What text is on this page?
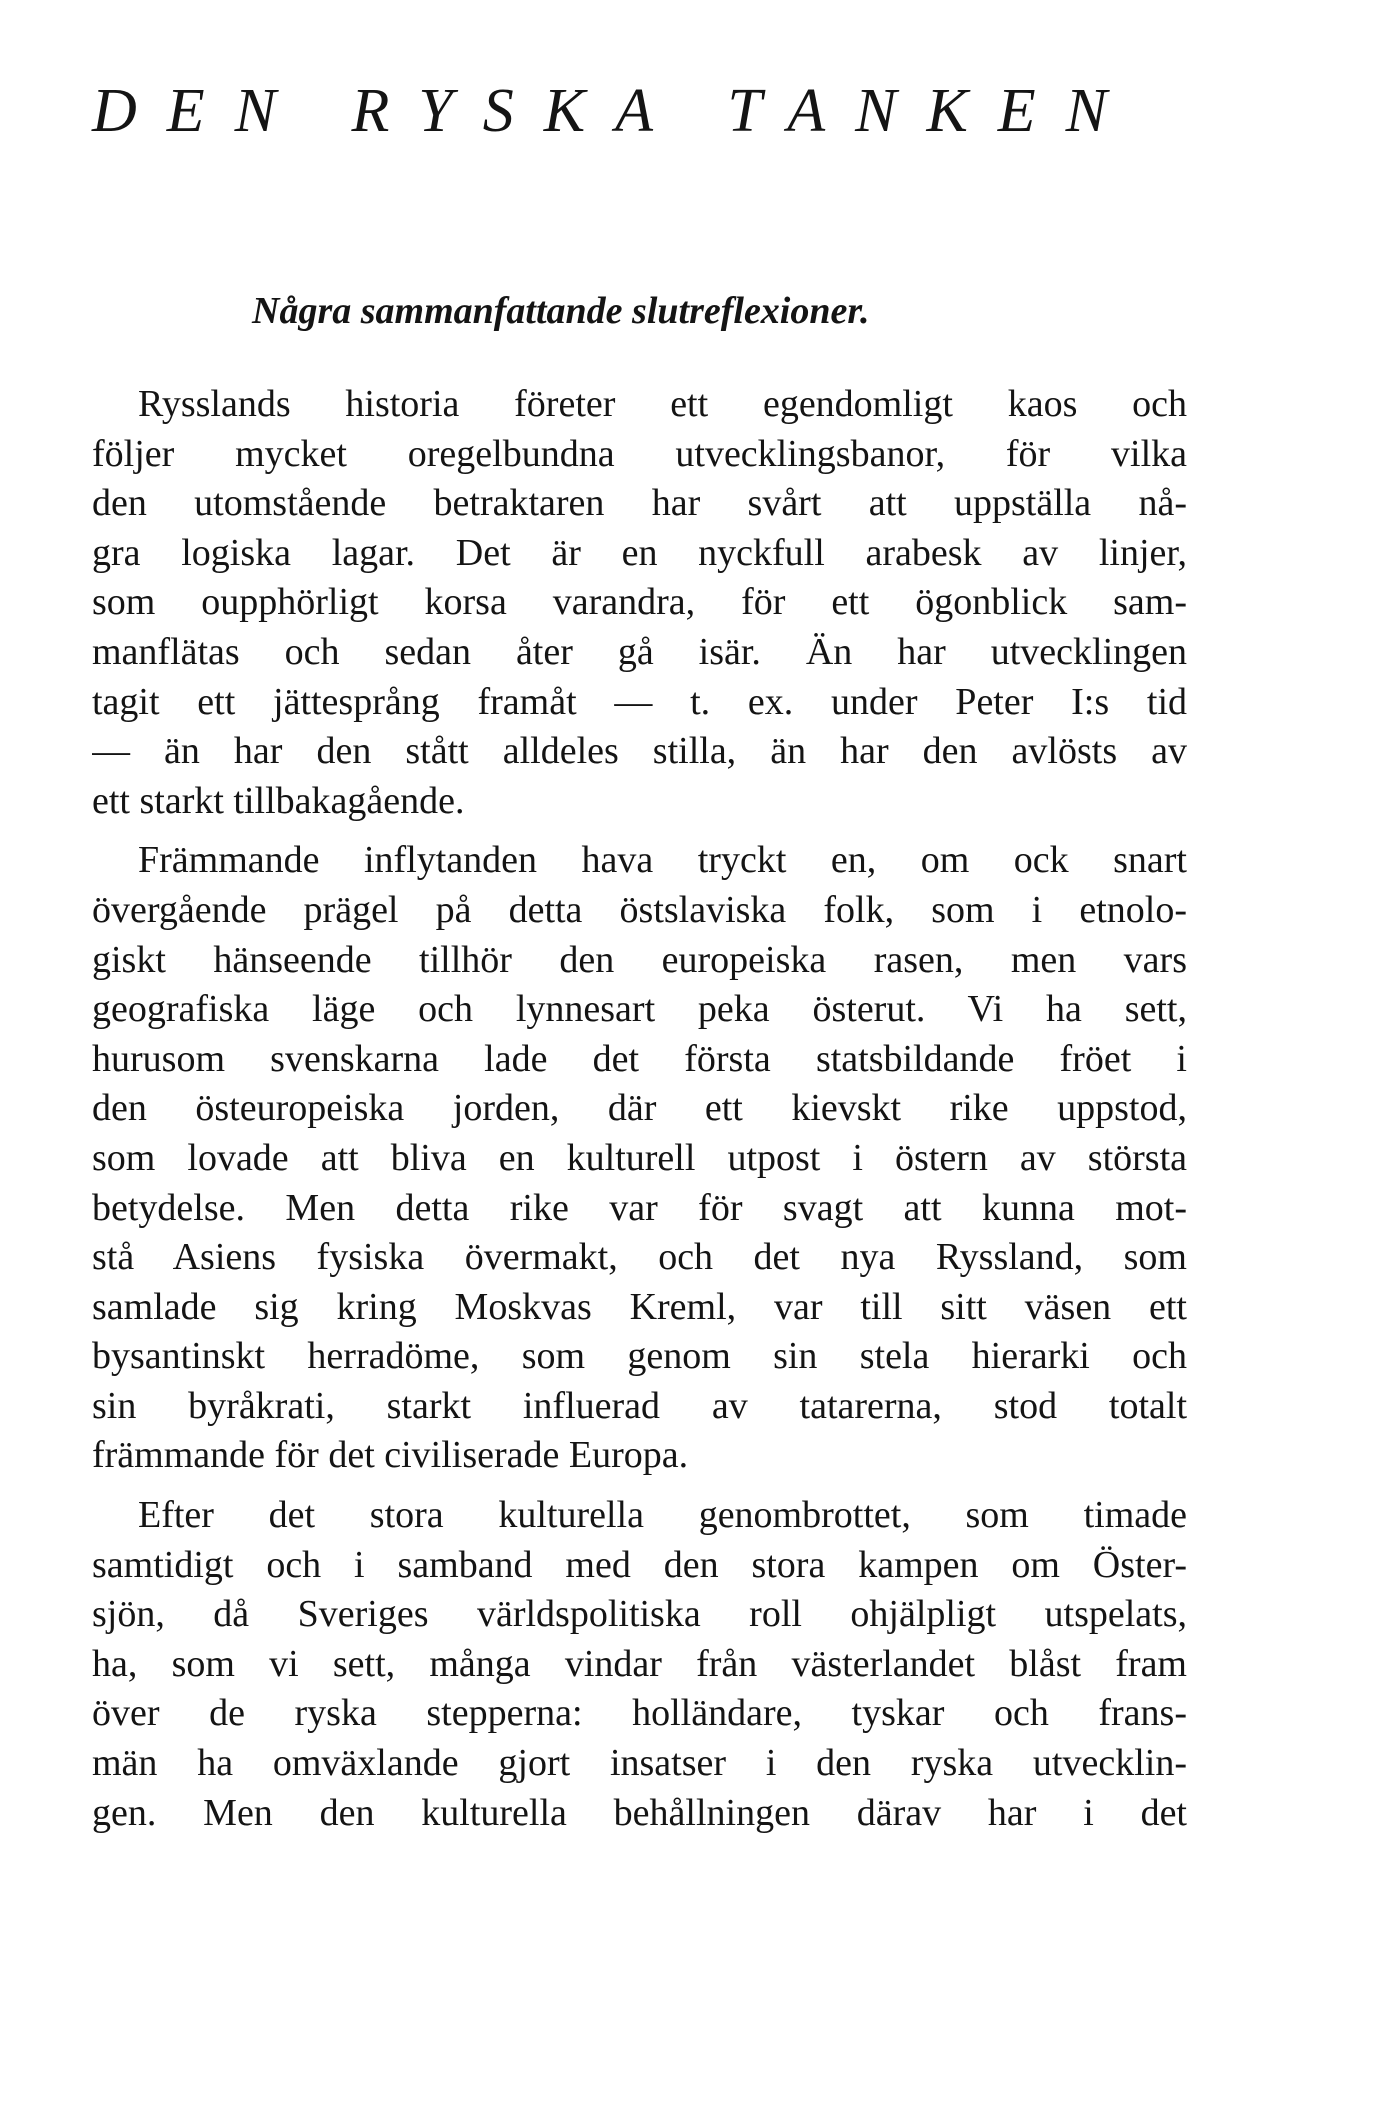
DEN RYSKA TANKEN
Några sammanfattande slutreflexioner.
Rysslands historia företer ett egendomligt kaos och
följer mycket oregelbundna utvecklingsbanor, för vilka
den utomstående betraktaren har svårt att uppställa nå-
gra logiska lagar. Det är en nyckfull arabesk av linjer,
som oupphörligt korsa varandra, för ett ögonblick sam-
manflätas och sedan åter gå isär. Än har utvecklingen
tagit ett jättesprång framåt — t. ex. under Peter I:s tid
— än har den stått alldeles stilla, än har den avlösts av
ett starkt tillbakagående.
Främmande inflytanden hava tryckt en, om ock snart
övergående prägel på detta östslaviska folk, som i etnolo-
giskt hänseende tillhör den europeiska rasen, men vars
geografiska läge och lynnesart peka österut. Vi ha sett,
hurusom svenskarna lade det första statsbildande fröet i
den östeuropeiska jorden, där ett kievskt rike uppstod,
som lovade att bliva en kulturell utpost i östern av största
betydelse. Men detta rike var för svagt att kunna mot-
stå Asiens fysiska övermakt, och det nya Ryssland, som
samlade sig kring Moskvas Kreml, var till sitt väsen ett
bysantinskt herradöme, som genom sin stela hierarki och
sin byråkrati, starkt influerad av tatarerna, stod totalt
främmande för det civiliserade Europa.
Efter det stora kulturella genombrottet, som timade
samtidigt och i samband med den stora kampen om Öster-
sjön, då Sveriges världspolitiska roll ohjälpligt utspelats,
ha, som vi sett, många vindar från västerlandet blåst fram
över de ryska stepperna: holländare, tyskar och frans-
män ha omväxlande gjort insatser i den ryska utvecklin-
gen. Men den kulturella behållningen därav har i det
